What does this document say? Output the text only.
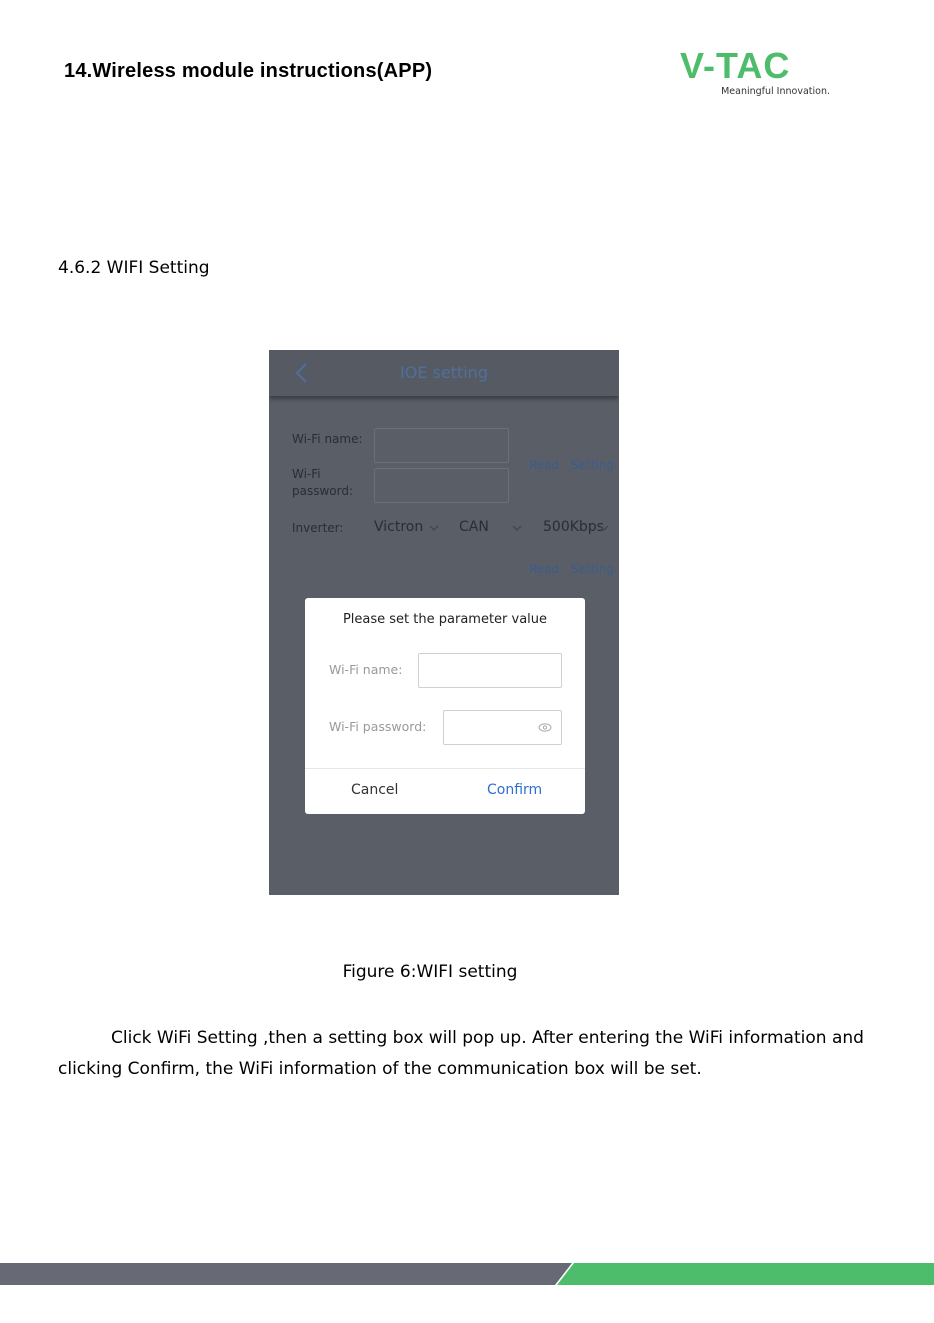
14.Wireless module instructions(APP)	V-TAC
Meaningful Innovation.
4.6.2 WIFI Setting
IOE setting
Wi-Fi name:
Wi-Fi
password:
Read Setting
Inverter: Victron	CAN	500Kbps
Read Setting
Please set the parameter value
Wi-Fi name:
Wi-Fi password:
Cancel	Confirm
Figure 6:WIFI setting

Click WiFi Setting ,then a setting box will pop up. After entering the WiFi information and clicking Confirm, the WiFi information of the communication box will be set.
